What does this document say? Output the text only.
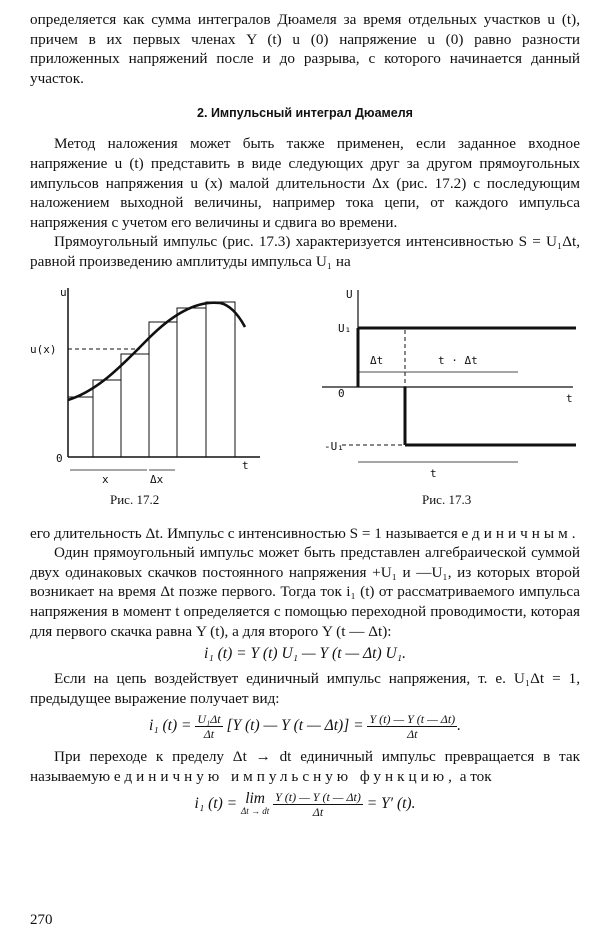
определяется как сумма интегралов Дюамеля за время отдельных участков u (t), причем в их первых членах Y (t) u (0) напряжение u (0) равно разности приложенных напряжений после и до разрыва, с которого начинается данный участок.

2. Импульсный интеграл Дюамеля

Метод наложения может быть также применен, если заданное входное напряжение u (t) представить в виде следующих друг за другом прямоугольных импульсов напряжения u (x) малой длительности Δx (рис. 17.2) с последующим наложением выходной величины, например тока цепи, от каждого импульса напряжения с учетом его величины и сдвига во времени.

Прямоугольный импульс (рис. 17.3) характеризуется интенсивностью S = U₁Δt, равной произведению амплитуды импульса U₁ на

u
u(x)
0
t
x	Δx
Рис. 17.2
U
U₁
0
-U₁
t
Δt	t · Δt
t
Рис. 17.3

его длительность Δt. Импульс с интенсивностью S = 1 называется единичным.

Один прямоугольный импульс может быть представлен алгебраической суммой двух одинаковых скачков постоянного напряжения +U₁ и —U₁, из которых второй возникает на время Δt позже первого. Тогда ток i₁ (t) от рассматриваемого импульса напряжения в момент t определяется с помощью переходной проводимости, которая для первого скачка равна Y (t), а для второго Y (t — Δt):

i₁ (t) = Y (t) U₁ — Y (t — Δt) U₁.

Если на цепь воздействует единичный импульс напряжения, т. е. U₁Δt = 1, предыдущее выражение получает вид:

i₁ $(t) = \frac{\text{U₁Δt}}{\Delta t} [Y$ (t) — Y (t — $\Delta t)] = \frac{Y (t) — Y (t — \Delta t)}{\Delta t}$ .

При переходе к пределу Δt → dt единичный импульс превращается в так называемую единичную импульсную функцию, а ток

i₁ (t) = lim
Δt → dt
$\frac{Y (t) — Y (t — \Delta t)}{\Delta t} = Y'$ (t).
270
